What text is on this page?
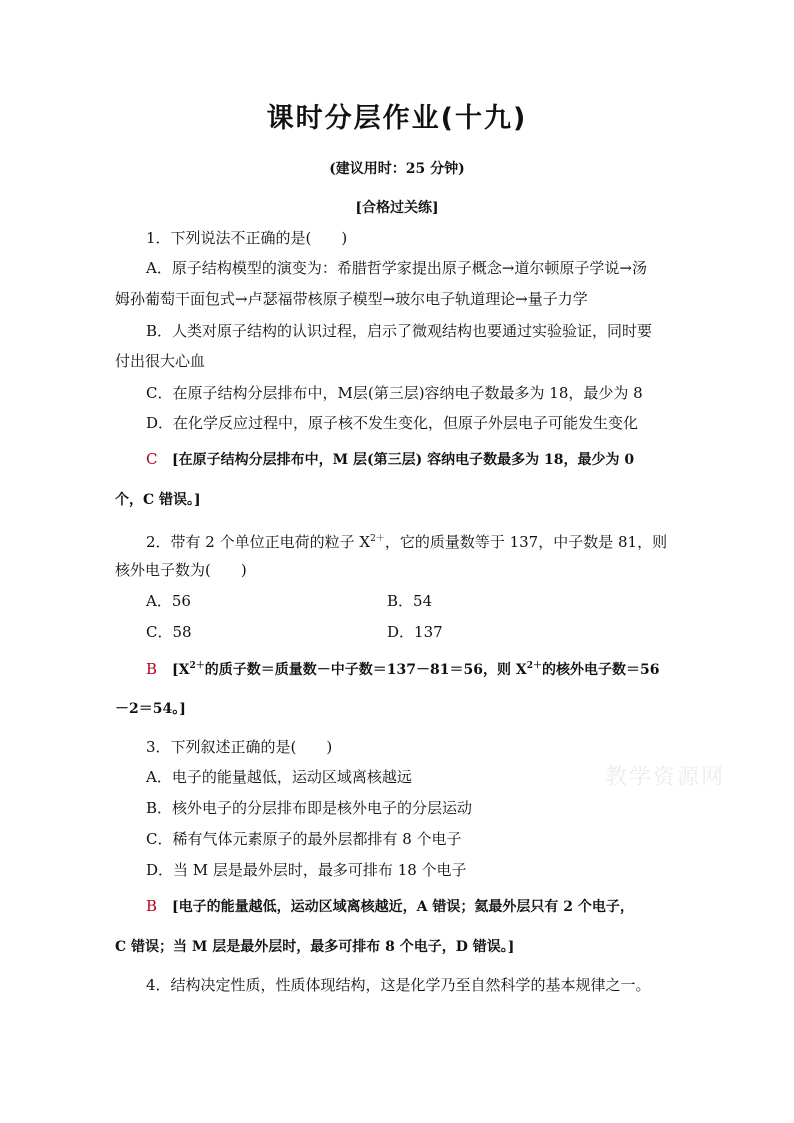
课时分层作业(十九)
(建议用时：25 分钟)
[合格过关练]
1．下列说法不正确的是(　　)
A．原子结构模型的演变为：希腊哲学家提出原子概念→道尔顿原子学说→汤
姆孙葡萄干面包式→卢瑟福带核原子模型→玻尔电子轨道理论→量子力学
B．人类对原子结构的认识过程，启示了微观结构也要通过实验验证，同时要
付出很大心血
C．在原子结构分层排布中，M层(第三层)容纳电子数最多为 18，最少为 8
D．在化学反应过程中，原子核不发生变化，但原子外层电子可能发生变化
C [在原子结构分层排布中，M 层(第三层) 容纳电子数最多为 18，最少为 0
个，C 错误。]
2．带有 2 个单位正电荷的粒子 $X^{2+}$，它的质量数等于 137，中子数是 81，则
核外电子数为(　　)
A．56	B．54
C．58	D．137
B [$X^{2+}$的质子数＝质量数－中子数＝137－81＝56，则 $X^{2+}$的核外电子数＝56
－2＝54。]
3．下列叙述正确的是(　　)
A．电子的能量越低，运动区域离核越远
B．核外电子的分层排布即是核外电子的分层运动
C．稀有气体元素原子的最外层都排有 8 个电子
D．当 M 层是最外层时，最多可排布 18 个电子
B [电子的能量越低，运动区域离核越近，A 错误；氦最外层只有 2 个电子，
C 错误；当 M 层是最外层时，最多可排布 8 个电子，D 错误。]
4．结构决定性质，性质体现结构，这是化学乃至自然科学的基本规律之一。
教学资源网
